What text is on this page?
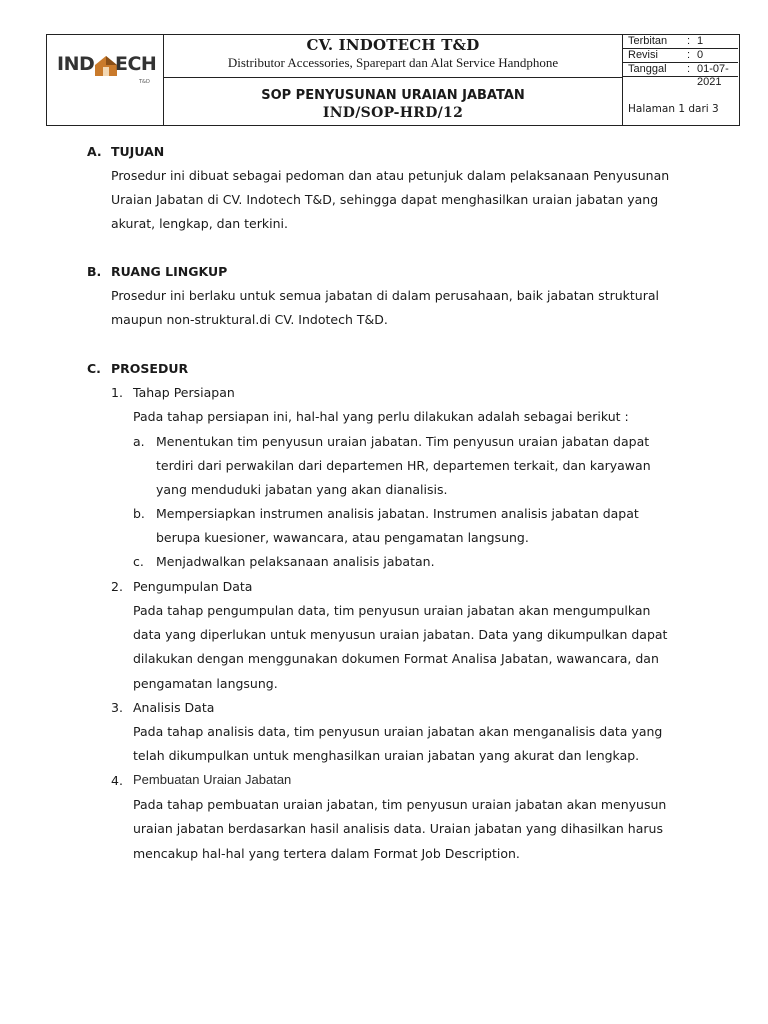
IND ECH
T&D
CV. INDOTECH T&D
Distributor Accessories, Sparepart dan Alat Service Handphone
SOP PENYUSUNAN URAIAN JABATAN
IND/SOP-HRD/12
Terbitan : 1
Revisi	: 0
Tanggal : 01-07-2021
Halaman 1 dari 3
A. TUJUAN
Prosedur ini dibuat sebagai pedoman dan atau petunjuk dalam pelaksanaan Penyusunan
Uraian Jabatan di CV. Indotech T&D, sehingga dapat menghasilkan uraian jabatan yang
akurat, lengkap, dan terkini.
B. RUANG LINGKUP
Prosedur ini berlaku untuk semua jabatan di dalam perusahaan, baik jabatan struktural
maupun non-struktural.di CV. Indotech T&D.
C. PROSEDUR
1. Tahap Persiapan
Pada tahap persiapan ini, hal-hal yang perlu dilakukan adalah sebagai berikut :
a. Menentukan tim penyusun uraian jabatan. Tim penyusun uraian jabatan dapat
terdiri dari perwakilan dari departemen HR, departemen terkait, dan karyawan
yang menduduki jabatan yang akan dianalisis.
b. Mempersiapkan instrumen analisis jabatan. Instrumen analisis jabatan dapat
berupa kuesioner, wawancara, atau pengamatan langsung.
c. Menjadwalkan pelaksanaan analisis jabatan.
2. Pengumpulan Data
Pada tahap pengumpulan data, tim penyusun uraian jabatan akan mengumpulkan
data yang diperlukan untuk menyusun uraian jabatan. Data yang dikumpulkan dapat
dilakukan dengan menggunakan dokumen Format Analisa Jabatan, wawancara, dan
pengamatan langsung.
3. Analisis Data
Pada tahap analisis data, tim penyusun uraian jabatan akan menganalisis data yang
telah dikumpulkan untuk menghasilkan uraian jabatan yang akurat dan lengkap.
4. Pembuatan Uraian Jabatan
Pada tahap pembuatan uraian jabatan, tim penyusun uraian jabatan akan menyusun
uraian jabatan berdasarkan hasil analisis data. Uraian jabatan yang dihasilkan harus
mencakup hal-hal yang tertera dalam Format Job Description.
